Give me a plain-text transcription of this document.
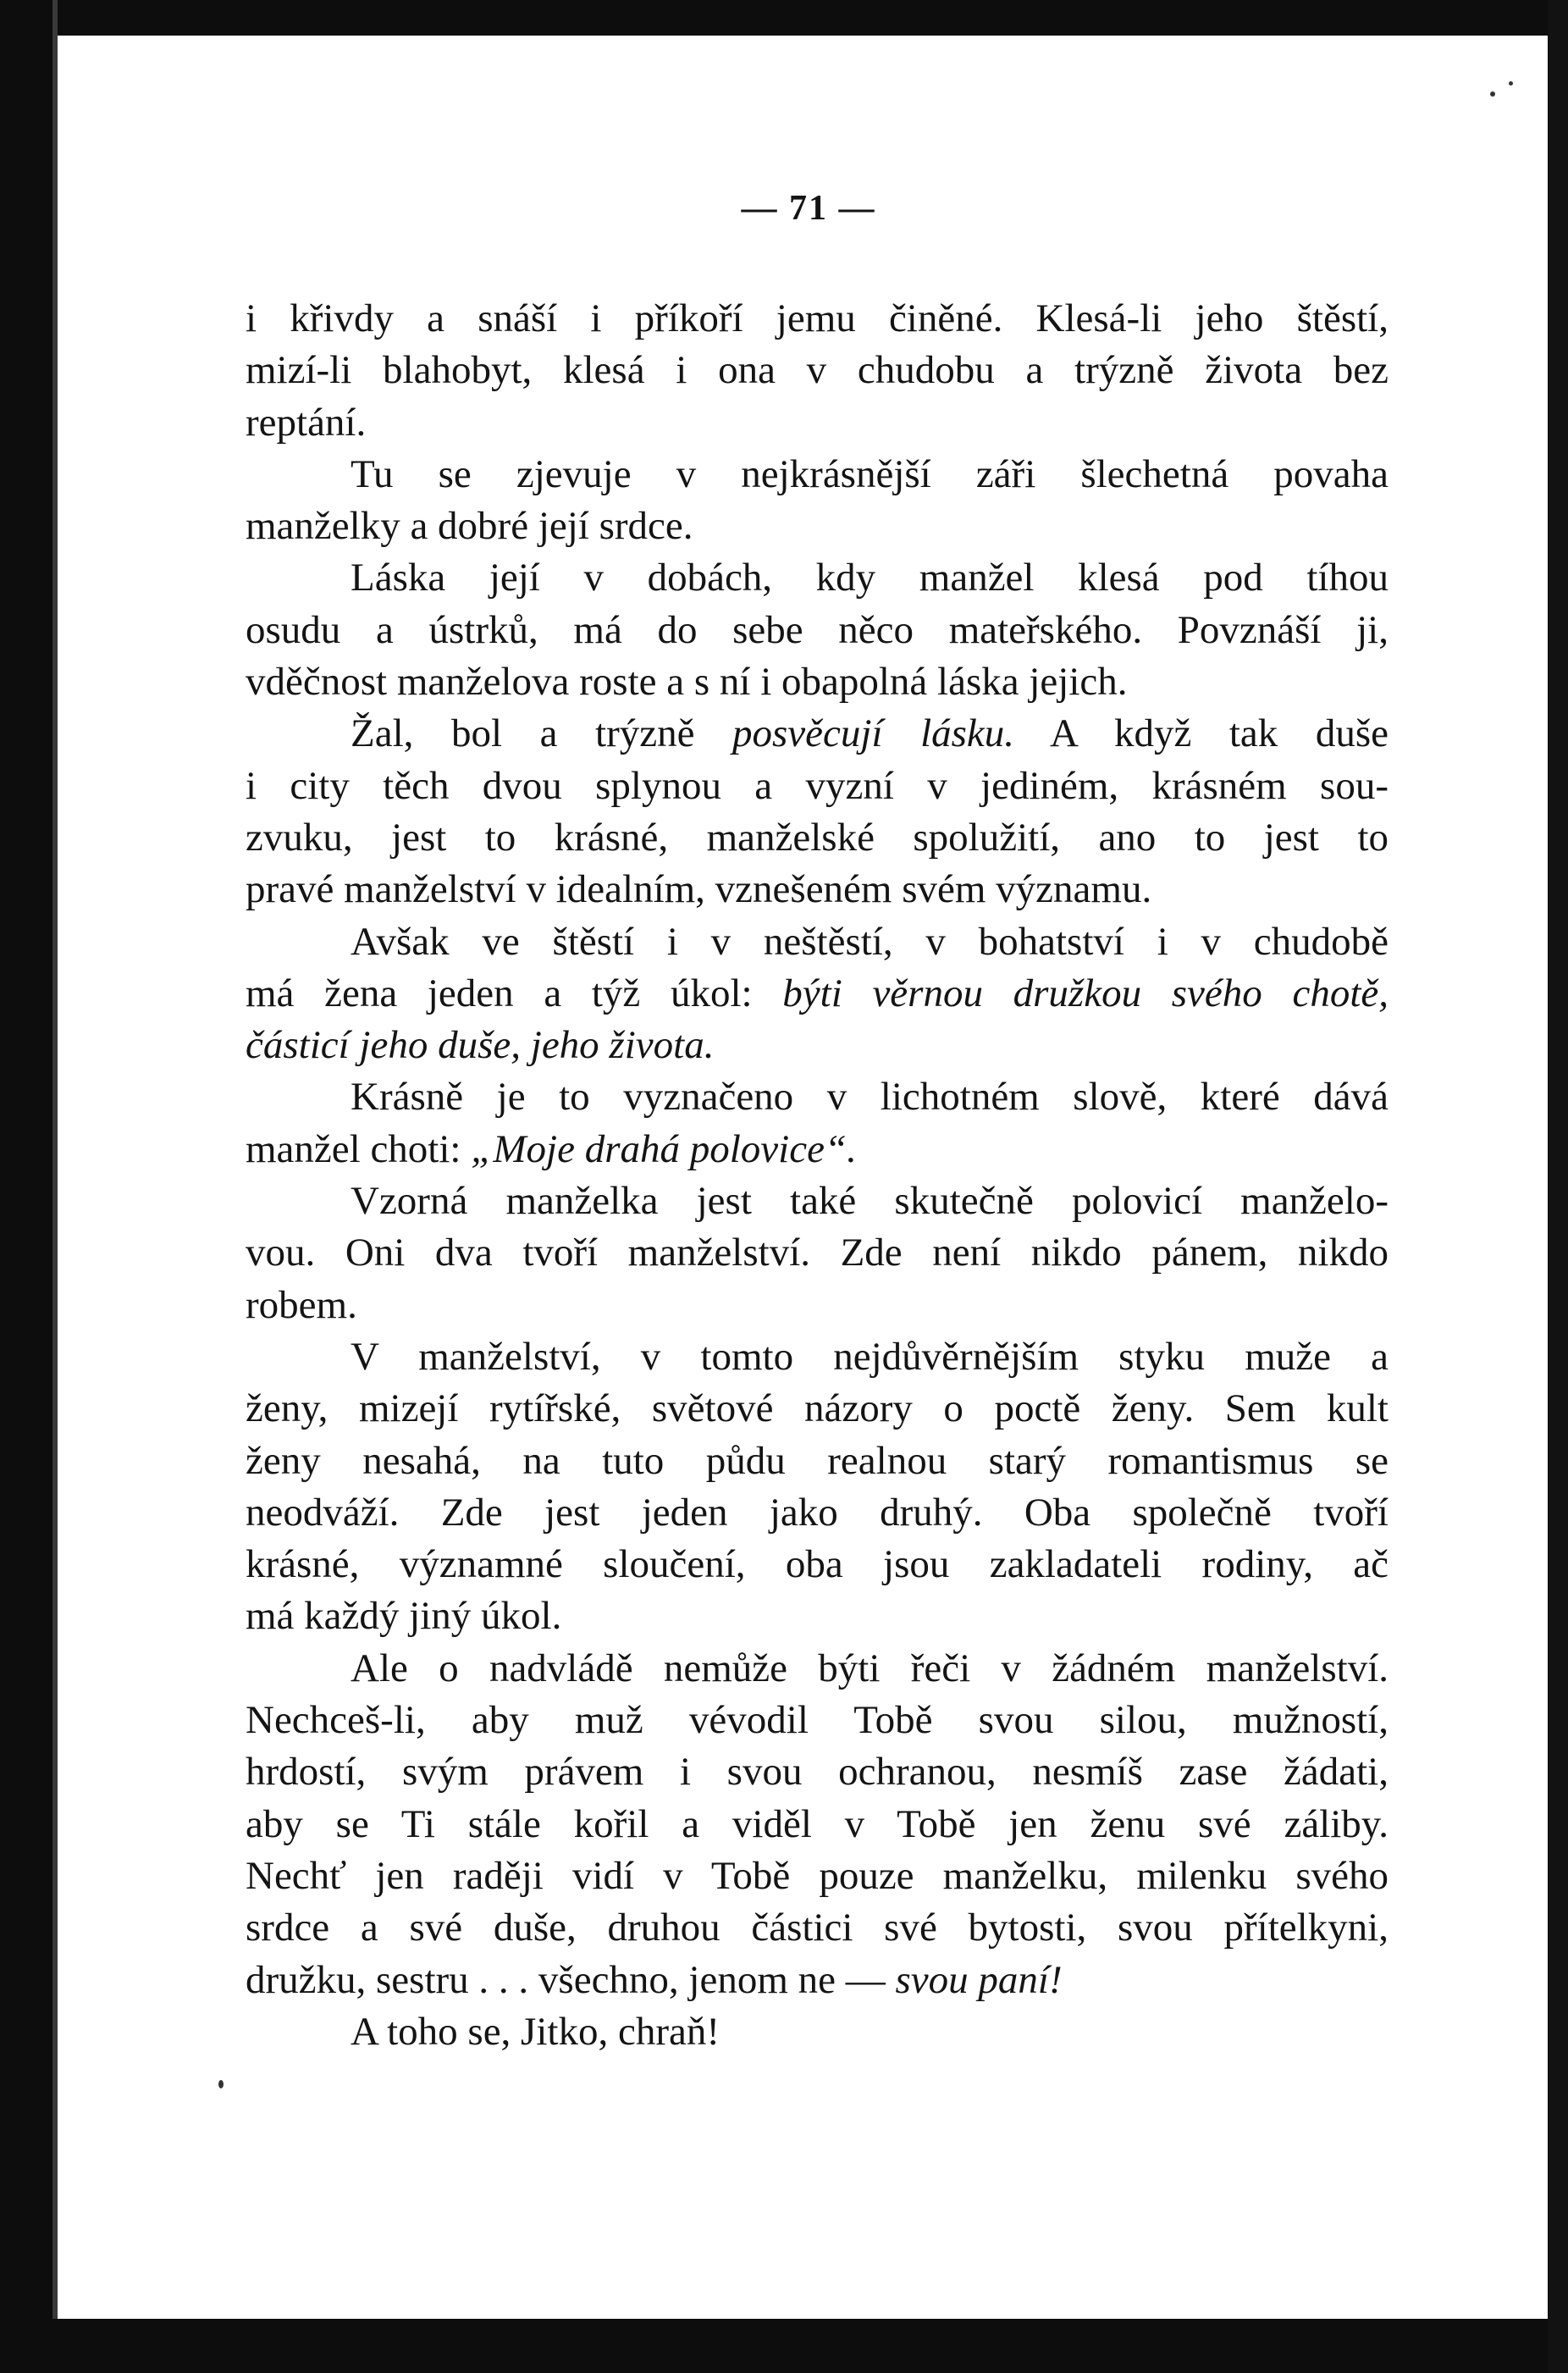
— 71 —
i křivdy a snáší i příkoří jemu činěné. Klesá-li jeho štěstí,
mizí-li blahobyt, klesá i ona v chudobu a trýzně života bez
reptání.
Tu se zjevuje v nejkrásnější záři šlechetná povaha
manželky a dobré její srdce.
Láska její v dobách, kdy manžel klesá pod tíhou
osudu a ústrků, má do sebe něco mateřského. Povznáší ji,
vděčnost manželova roste a s ní i obapolná láska jejich.
Žal, bol a trýzně posvěcují lásku. A když tak duše
i city těch dvou splynou a vyzní v jediném, krásném sou-
zvuku, jest to krásné, manželské spolužití, ano to jest to
pravé manželství v idealním, vznešeném svém významu.
Avšak ve štěstí i v neštěstí, v bohatství i v chudobě
má žena jeden a týž úkol: býti věrnou družkou svého chotě,
částicí jeho duše, jeho života.
Krásně je to vyznačeno v lichotném slově, které dává
manžel choti: „Moje drahá polovice“.
Vzorná manželka jest také skutečně polovicí manželo-
vou. Oni dva tvoří manželství. Zde není nikdo pánem, nikdo
robem.
V manželství, v tomto nejdůvěrnějším styku muže a
ženy, mizejí rytířské, světové názory o poctě ženy. Sem kult
ženy nesahá, na tuto půdu realnou starý romantismus se
neodváží. Zde jest jeden jako druhý. Oba společně tvoří
krásné, významné sloučení, oba jsou zakladateli rodiny, ač
má každý jiný úkol.
Ale o nadvládě nemůže býti řeči v žádném manželství.
Nechceš-li, aby muž vévodil Tobě svou silou, mužností,
hrdostí, svým právem i svou ochranou, nesmíš zase žádati,
aby se Ti stále kořil a viděl v Tobě jen ženu své záliby.
Nechť jen raději vidí v Tobě pouze manželku, milenku svého
srdce a své duše, druhou částici své bytosti, svou přítelkyni,
družku, sestru . . . všechno, jenom ne — svou paní!
A toho se, Jitko, chraň!
